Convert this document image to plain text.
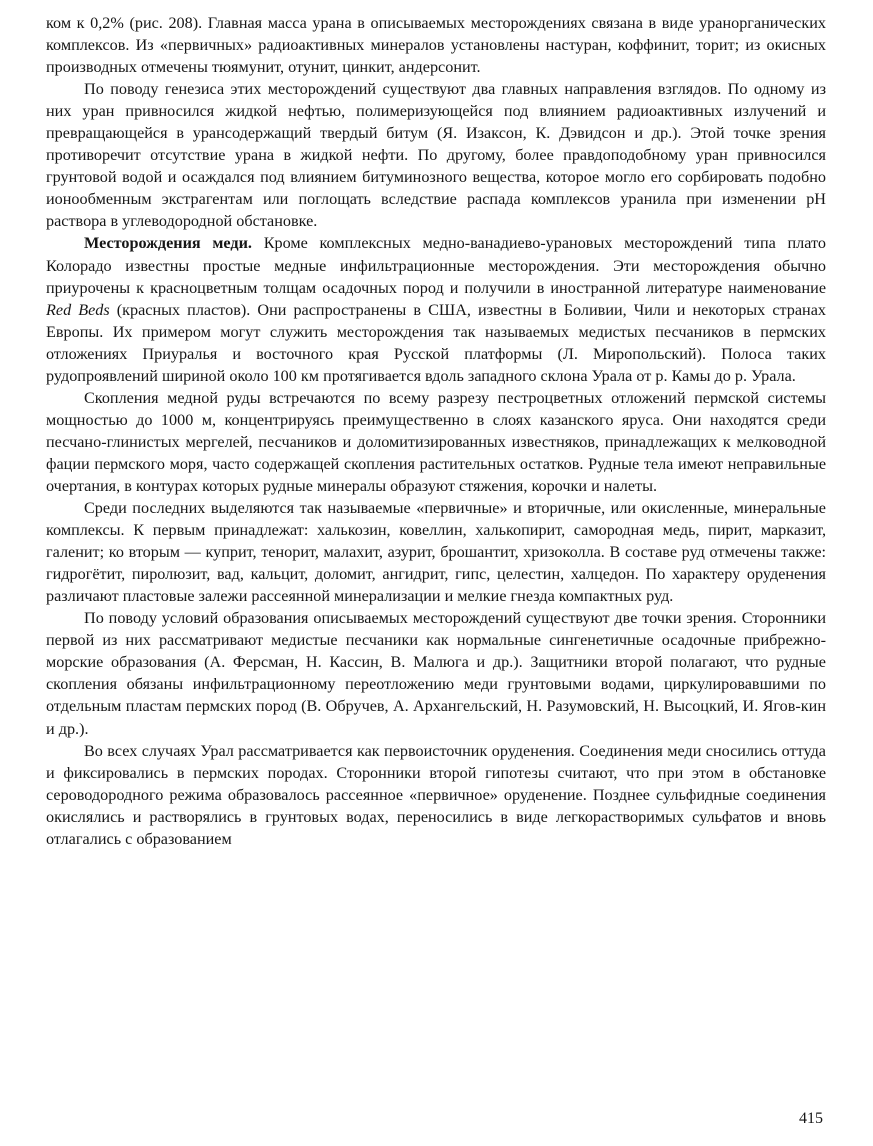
ком к 0,2% (рис. 208). Главная масса урана в описываемых месторождениях связана в виде уранорганических комплексов. Из «первичных» радиоактивных минералов установлены настуран, коффинит, торит; из окисных производных отмечены тюямунит, отунит, цинкит, андерсонит.

По поводу генезиса этих месторождений существуют два главных направления взглядов. По одному из них уран привносился жидкой нефтью, полимеризующейся под влиянием радиоактивных излучений и превращающейся в урансодержащий твердый битум (Я. Изаксон, К. Дэвидсон и др.). Этой точке зрения противоречит отсутствие урана в жидкой нефти. По другому, более правдоподобному уран привносился грунтовой водой и осаждался под влиянием битуминозного вещества, которое могло его сорбировать подобно ионообменным экстрагентам или поглощать вследствие распада комплексов уранила при изменении pH раствора в углеводородной обстановке.

Месторождения меди. Кроме комплексных медно-ванадиево-урановых месторождений типа плато Колорадо известны простые медные инфильтрационные месторождения. Эти месторождения обычно приурочены к красноцветным толщам осадочных пород и получили в иностранной литературе наименование Red Beds (красных пластов). Они распространены в США, известны в Боливии, Чили и некоторых странах Европы. Их примером могут служить месторождения так называемых медистых песчаников в пермских отложениях Приуралья и восточного края Русской платформы (Л. Миропольский). Полоса таких рудопроявлений шириной около 100 км протягивается вдоль западного склона Урала от р. Камы до р. Урала.

Скопления медной руды встречаются по всему разрезу пестроцветных отложений пермской системы мощностью до 1000 м, концентрируясь преимущественно в слоях казанского яруса. Они находятся среди песчано-глинистых мергелей, песчаников и доломитизированных известняков, принадлежащих к мелководной фации пермского моря, часто содержащей скопления растительных остатков. Рудные тела имеют неправильные очертания, в контурах которых рудные минералы образуют стяжения, корочки и налеты.

Среди последних выделяются так называемые «первичные» и вторичные, или окисленные, минеральные комплексы. К первым принадлежат: халькозин, ковеллин, халькопирит, самородная медь, пирит, марказит, галенит; ко вторым — куприт, тенорит, малахит, азурит, брошантит, хризоколла. В составе руд отмечены также: гидрогётит, пиролюзит, вад, кальцит, доломит, ангидрит, гипс, целестин, халцедон. По характеру оруденения различают пластовые залежи рассеянной минерализации и мелкие гнезда компактных руд.

По поводу условий образования описываемых месторождений существуют две точки зрения. Сторонники первой из них рассматривают медистые песчаники как нормальные сингенетичные осадочные прибрежно-морские образования (А. Ферсман, Н. Кассин, В. Малюга и др.). Защитники второй полагают, что рудные скопления обязаны инфильтрационному переотложению меди грунтовыми водами, циркулировавшими по отдельным пластам пермских пород (В. Обручев, А. Архангельский, Н. Разумовский, Н. Высоцкий, И. Ягов-кин и др.).

Во всех случаях Урал рассматривается как первоисточник оруденения. Соединения меди сносились оттуда и фиксировались в пермских породах. Сторонники второй гипотезы считают, что при этом в обстановке сероводородного режима образовалось рассеянное «первичное» оруденение. Позднее сульфидные соединения окислялись и растворялись в грунтовых водах, переносились в виде легкорастворимых сульфатов и вновь отлагались с образованием

415
